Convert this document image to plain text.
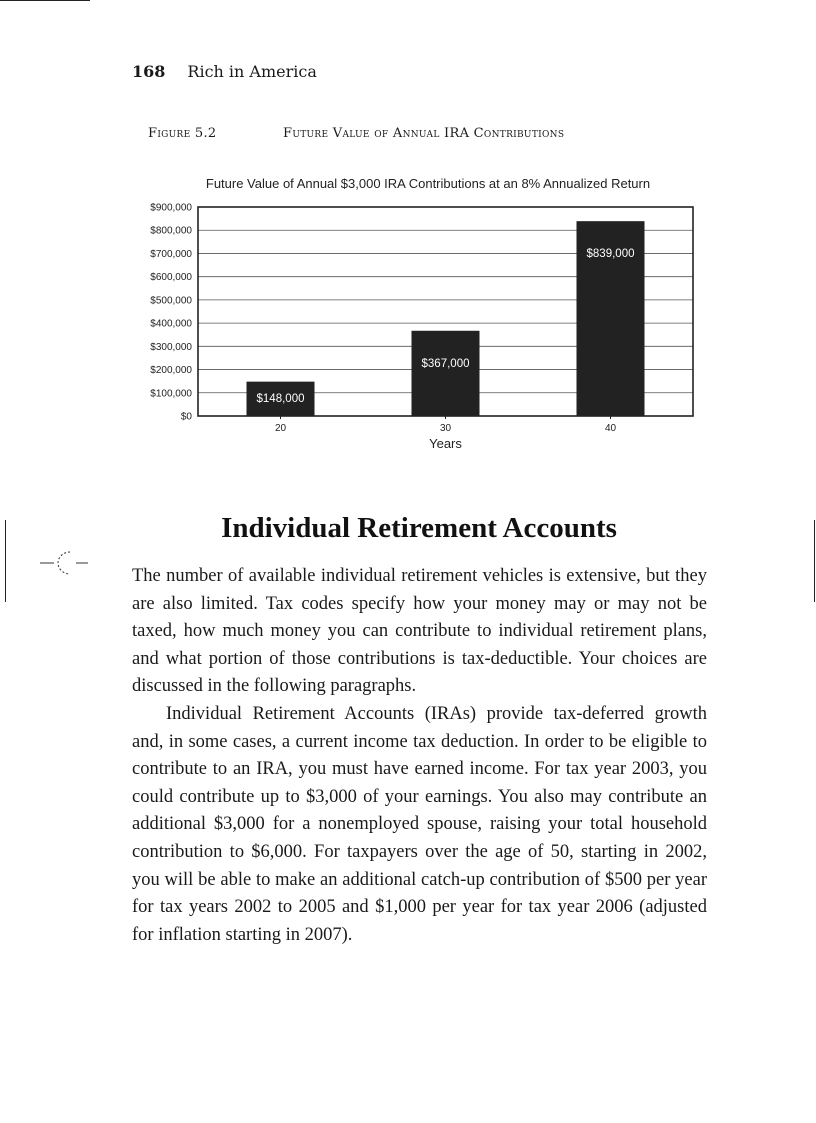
168 Rich in America
Figure 5.2	Future Value of Annual IRA Contributions
Future Value of Annual $3,000 IRA Contributions at an 8% Annualized Return
$0
$100,000
$200,000
$300,000
$400,000
$500,000
$600,000
$700,000
$800,000
$900,000
$148,000
20
$367,000
30
$839,000
40
Years
Individual Retirement Accounts

The number of available individual retirement vehicles is extensive, but they are also limited. Tax codes specify how your money may or may not be taxed, how much money you can contribute to individual retirement plans, and what portion of those contributions is tax-deductible. Your choices are discussed in the following paragraphs.

Individual Retirement Accounts (IRAs) provide tax-deferred growth and, in some cases, a current income tax deduction. In order to be eligible to contribute to an IRA, you must have earned income. For tax year 2003, you could contribute up to $3,000 of your earnings. You also may contribute an additional $3,000 for a nonemployed spouse, raising your total household contribution to $6,000. For taxpayers over the age of 50, starting in 2002, you will be able to make an additional catch-up contribution of $500 per year for tax years 2002 to 2005 and $1,000 per year for tax year 2006 (adjusted for inflation starting in 2007).
